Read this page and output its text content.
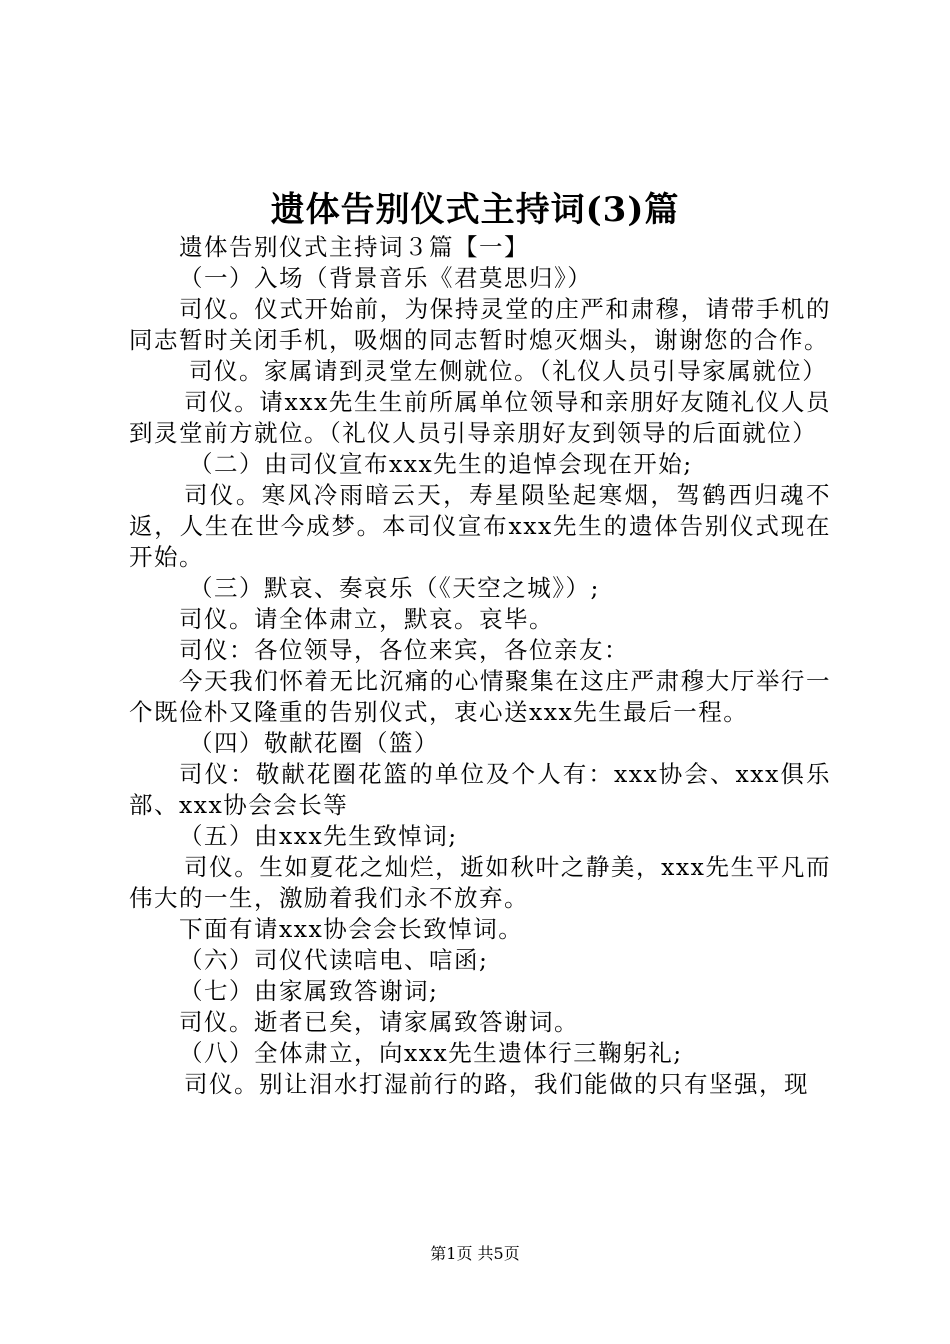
遗体告别仪式主持词(3)篇

遗体告别仪式主持词３篇【一】

（一）入场（背景音乐《君莫思归》）

司仪。仪式开始前，为保持灵堂的庄严和肃穆，请带手机的同志暂时关闭手机，吸烟的同志暂时熄灭烟头，谢谢您的合作。

司仪。家属请到灵堂左侧就位。（礼仪人员引导家属就位）

司仪。请xxx先生生前所属单位领导和亲朋好友随礼仪人员到灵堂前方就位。（礼仪人员引导亲朋好友到领导的后面就位）

（二）由司仪宣布xxx先生的追悼会现在开始;

司仪。寒风冷雨暗云天，寿星陨坠起寒烟，驾鹤西归魂不返，人生在世今成梦。本司仪宣布xxx先生的遗体告别仪式现在开始。

（三）默哀、奏哀乐（《天空之城》）;

司仪。请全体肃立，默哀。哀毕。

司仪：各位领导，各位来宾，各位亲友：

今天我们怀着无比沉痛的心情聚集在这庄严肃穆大厅举行一个既俭朴又隆重的告别仪式，衷心送xxx先生最后一程。

（四）敬献花圈（篮）

司仪：敬献花圈花篮的单位及个人有：xxx协会、xxx俱乐部、xxx协会会长等

（五）由xxx先生致悼词;

司仪。生如夏花之灿烂，逝如秋叶之静美，xxx先生平凡而伟大的一生，激励着我们永不放弃。

下面有请xxx协会会长致悼词。

（六）司仪代读唁电、唁函;

（七）由家属致答谢词;

司仪。逝者已矣，请家属致答谢词。

（八）全体肃立，向xxx先生遗体行三鞠躬礼;

司仪。别让泪水打湿前行的路，我们能做的只有坚强，现

第1页 共5页
